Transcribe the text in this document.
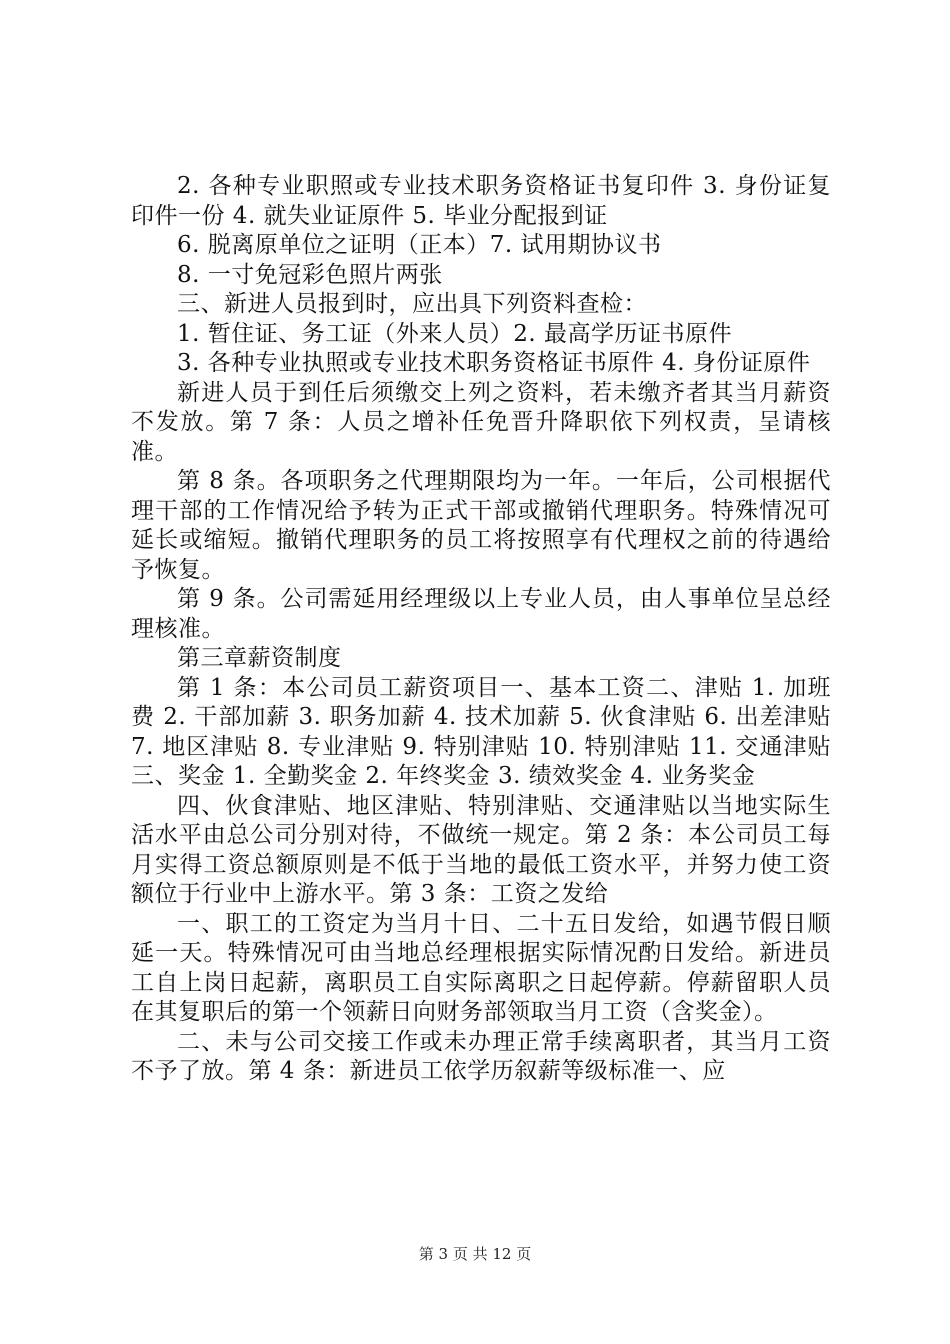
2. 各种专业职照或专业技术职务资格证书复印件 3. 身份证复印件一份 4. 就失业证原件 5. 毕业分配报到证

6. 脱离原单位之证明（正本）7. 试用期协议书

8. 一寸免冠彩色照片两张

三、新进人员报到时，应出具下列资料查检：

1. 暂住证、务工证（外来人员）2. 最高学历证书原件

3. 各种专业执照或专业技术职务资格证书原件 4. 身份证原件

新进人员于到任后须缴交上列之资料，若未缴齐者其当月薪资不发放。第 7 条：人员之增补任免晋升降职依下列权责，呈请核准。

第 8 条。各项职务之代理期限均为一年。一年后，公司根据代理干部的工作情况给予转为正式干部或撤销代理职务。特殊情况可延长或缩短。撤销代理职务的员工将按照享有代理权之前的待遇给予恢复。

第 9 条。公司需延用经理级以上专业人员，由人事单位呈总经理核准。

第三章薪资制度

第 1 条：本公司员工薪资项目一、基本工资二、津贴 1. 加班费 2. 干部加薪 3. 职务加薪 4. 技术加薪 5. 伙食津贴 6. 出差津贴 7. 地区津贴 8. 专业津贴 9. 特别津贴 10. 特别津贴 11. 交通津贴三、奖金 1. 全勤奖金 2. 年终奖金 3. 绩效奖金 4. 业务奖金

四、伙食津贴、地区津贴、特别津贴、交通津贴以当地实际生活水平由总公司分别对待，不做统一规定。第 2 条：本公司员工每月实得工资总额原则是不低于当地的最低工资水平，并努力使工资额位于行业中上游水平。第 3 条：工资之发给

一、职工的工资定为当月十日、二十五日发给，如遇节假日顺延一天。特殊情况可由当地总经理根据实际情况酌日发给。新进员工自上岗日起薪，离职员工自实际离职之日起停薪。停薪留职人员在其复职后的第一个领薪日向财务部领取当月工资（含奖金）。

二、未与公司交接工作或未办理正常手续离职者，其当月工资不予了放。第 4 条：新进员工依学历叙薪等级标准一、应

第 3 页 共 12 页
